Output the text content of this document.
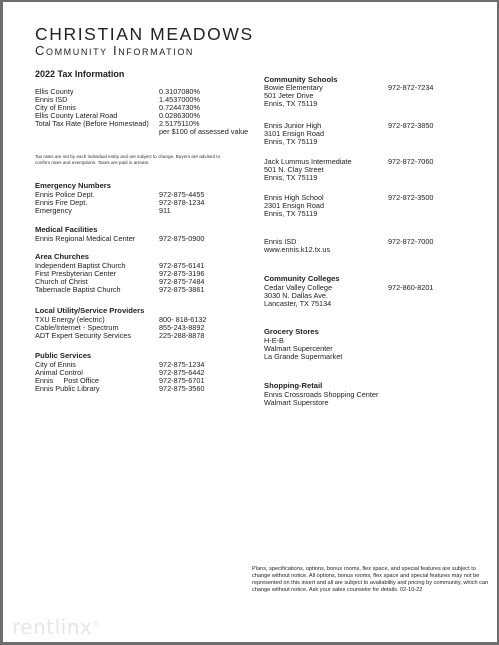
CHRISTIAN MEADOWS
Community Information
2022 Tax Information
Ellis County	0.3107080%
Ennis ISD	1.4537000%
City of Ennis	0.7244730%
Ellis County Lateral Road	0.0286300%
Total Tax Rate (Before Homestead) 2.5175110%
per $100 of assessed value
Tax rates are set by each individual entity and are subject to change. Buyers are advised to confirm rates and exemptions. Taxes are paid in arrears.
Emergency Numbers
Ennis Police Dept.	972-875-4455
Ennis Fire Dept.	972-878-1234
Emergency	911
Medical Facilities
Ennis Regional Medical Center	972-875-0900
Area Churches
Independent Baptist Church	972-875-6141
First Presbyterian Center	972-875-3196
Church of Christ	972-875-7484
Tabernacle Baptist Church	972-875-3861
Local Utility/Service Providers
TXU Energy (electric)	800- 818-6132
Cable/Internet - Spectrum	855-243-8892
ADT Expert Security Services	225-288-8878
Public Services
City of Ennis	972-875-1234
Animal Control	972-875-6442
Ennis     Post Office	972-875-6701
Ennis Public Library	972-875-3560
Community Schools
Bowie Elementary	972-872-7234
501 Jeter Drive
Ennis, TX 75119
Ennis Junior High	972-872-3850
3101 Ensign Road
Ennis, TX 75119
Jack Lummus Intermediate	972-872-7060
501 N. Clay Street
Ennis, TX 75119
Ennis High School	972-872-3500
2301 Ensign Road
Ennis, TX 75119
Ennis ISD	972-872-7000
www.ennis.k12.tx.us
Community Colleges
Cedar Valley College	972-860-8201
3030 N. Dallas Ave.
Lancaster, TX 75134
Grocery Stores
H-E-B
Walmart Supercenter
La Grande Supermarket
Shopping-Retail
Ennis Crossroads Shopping Center
Walmart Superstore
Plans, specifications, options, bonus rooms, flex space, and special features are subject to change without notice. All options, bonus rooms, flex space and special features may not be represented on this insert and all are subject to availability and pricing by community, which can change without notice. Ask your sales counselor for details. 02-10-22
rentlinx®
